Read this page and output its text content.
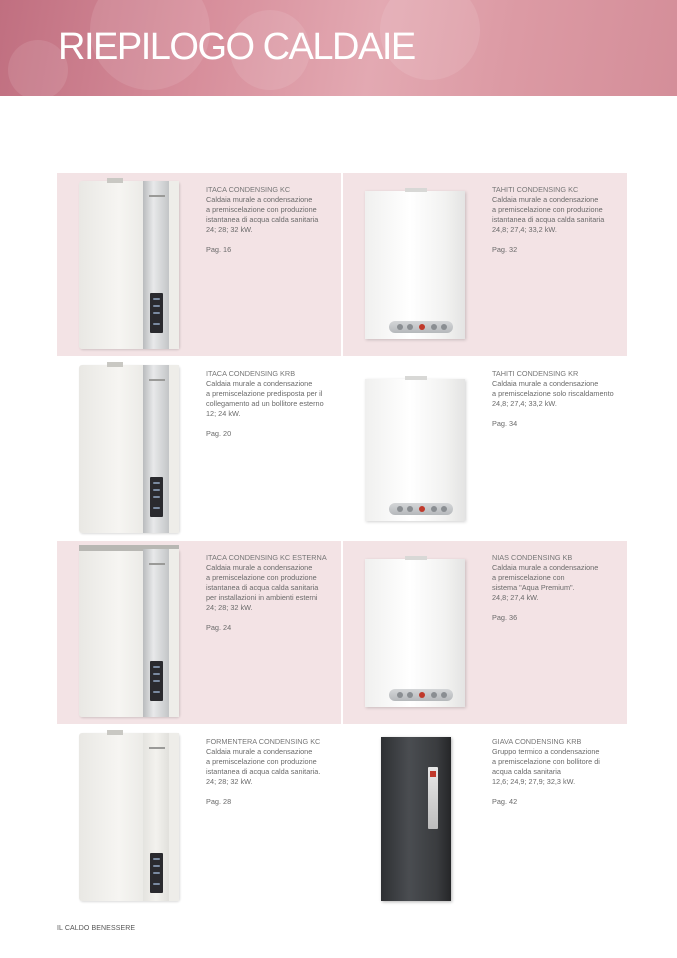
RIEPILOGO CALDAIE
ITACA CONDENSING KC
Caldaia murale a condensazione
a premiscelazione con produzione
istantanea di acqua calda sanitaria
24; 28; 32 kW.
Pag. 16
TAHITI CONDENSING KC
Caldaia murale a condensazione
a premiscelazione con produzione
istantanea di acqua calda sanitaria
24,8; 27,4; 33,2 kW.
Pag. 32
ITACA CONDENSING KRB
Caldaia murale a condensazione
a premiscelazione predisposta per il
collegamento ad un bollitore esterno
12; 24 kW.
Pag. 20
TAHITI CONDENSING KR
Caldaia murale a condensazione
a premiscelazione solo riscaldamento
24,8; 27,4; 33,2 kW.
Pag. 34
ITACA CONDENSING KC ESTERNA
Caldaia murale a condensazione
a premiscelazione con produzione
istantanea di acqua calda sanitaria
per installazioni in ambienti esterni
24; 28; 32 kW.
Pag. 24
NIAS CONDENSING KB
Caldaia murale a condensazione
a premiscelazione con
sistema "Aqua Premium".
24,8; 27,4 kW.
Pag. 36
FORMENTERA CONDENSING KC
Caldaia murale a condensazione
a premiscelazione con produzione
istantanea di acqua calda sanitaria.
24; 28; 32 kW.
Pag. 28
GIAVA CONDENSING KRB
Gruppo termico a condensazione
a premiscelazione con bollitore di
acqua calda sanitaria
12,6; 24,9; 27,9; 32,3 kW.
Pag. 42
IL CALDO BENESSERE
